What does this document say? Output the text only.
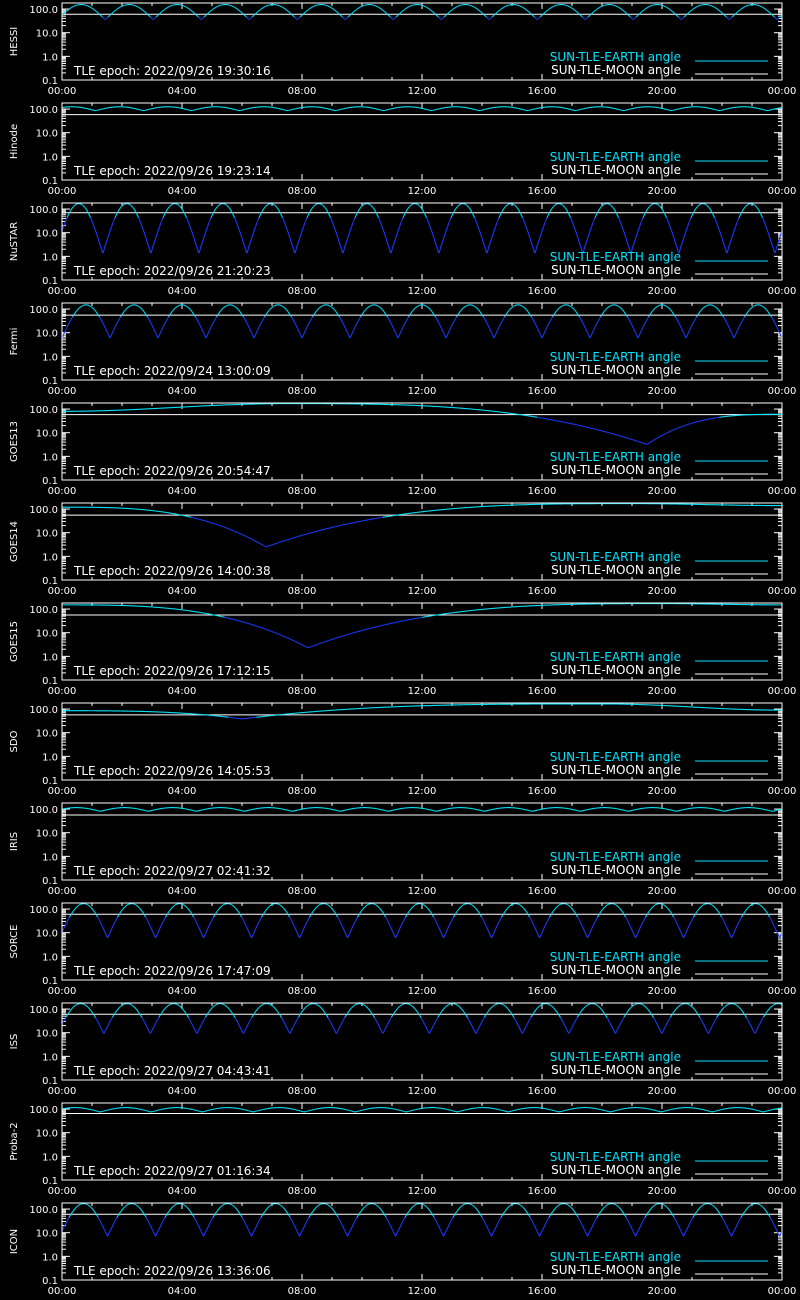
HESSI
100.0
10.0
1.0
0.1
00:00	04:00	08:00	12:00	16:00	20:00	00:00
SUN-TLE-EARTH angle
SUN-TLE-MOON angle
TLE epoch: 2022/09/26 19:30:16
Hinode
100.0
10.0
1.0
0.1
00:00	04:00	08:00	12:00	16:00	20:00	00:00
SUN-TLE-EARTH angle
SUN-TLE-MOON angle
TLE epoch: 2022/09/26 19:23:14
NuSTAR
100.0
10.0
1.0
0.1
00:00	04:00	08:00	12:00	16:00	20:00	00:00
SUN-TLE-EARTH angle
SUN-TLE-MOON angle
TLE epoch: 2022/09/26 21:20:23
Fermi
100.0
10.0
1.0
0.1
00:00	04:00	08:00	12:00	16:00	20:00	00:00
SUN-TLE-EARTH angle
SUN-TLE-MOON angle
TLE epoch: 2022/09/24 13:00:09
GOES13
100.0
10.0
1.0
0.1
00:00	04:00	08:00	12:00	16:00	20:00	00:00
SUN-TLE-EARTH angle
SUN-TLE-MOON angle
TLE epoch: 2022/09/26 20:54:47
GOES14
100.0
10.0
1.0
0.1
00:00	04:00	08:00	12:00	16:00	20:00	00:00
SUN-TLE-EARTH angle
SUN-TLE-MOON angle
TLE epoch: 2022/09/26 14:00:38
GOES15
100.0
10.0
1.0
0.1
00:00	04:00	08:00	12:00	16:00	20:00	00:00
SUN-TLE-EARTH angle
SUN-TLE-MOON angle
TLE epoch: 2022/09/26 17:12:15
SDO
100.0
10.0
1.0
0.1
00:00	04:00	08:00	12:00	16:00	20:00	00:00
SUN-TLE-EARTH angle
SUN-TLE-MOON angle
TLE epoch: 2022/09/26 14:05:53
IRIS
100.0
10.0
1.0
0.1
00:00	04:00	08:00	12:00	16:00	20:00	00:00
SUN-TLE-EARTH angle
SUN-TLE-MOON angle
TLE epoch: 2022/09/27 02:41:32
SORCE
100.0
10.0
1.0
0.1
00:00	04:00	08:00	12:00	16:00	20:00	00:00
SUN-TLE-EARTH angle
SUN-TLE-MOON angle
TLE epoch: 2022/09/26 17:47:09
ISS
100.0
10.0
1.0
0.1
00:00	04:00	08:00	12:00	16:00	20:00	00:00
SUN-TLE-EARTH angle
SUN-TLE-MOON angle
TLE epoch: 2022/09/27 04:43:41
Proba-2
100.0
10.0
1.0
0.1
00:00	04:00	08:00	12:00	16:00	20:00	00:00
SUN-TLE-EARTH angle
SUN-TLE-MOON angle
TLE epoch: 2022/09/27 01:16:34
ICON
100.0
10.0
1.0
0.1
00:00	04:00	08:00	12:00	16:00	20:00	00:00
SUN-TLE-EARTH angle
SUN-TLE-MOON angle
TLE epoch: 2022/09/26 13:36:06
